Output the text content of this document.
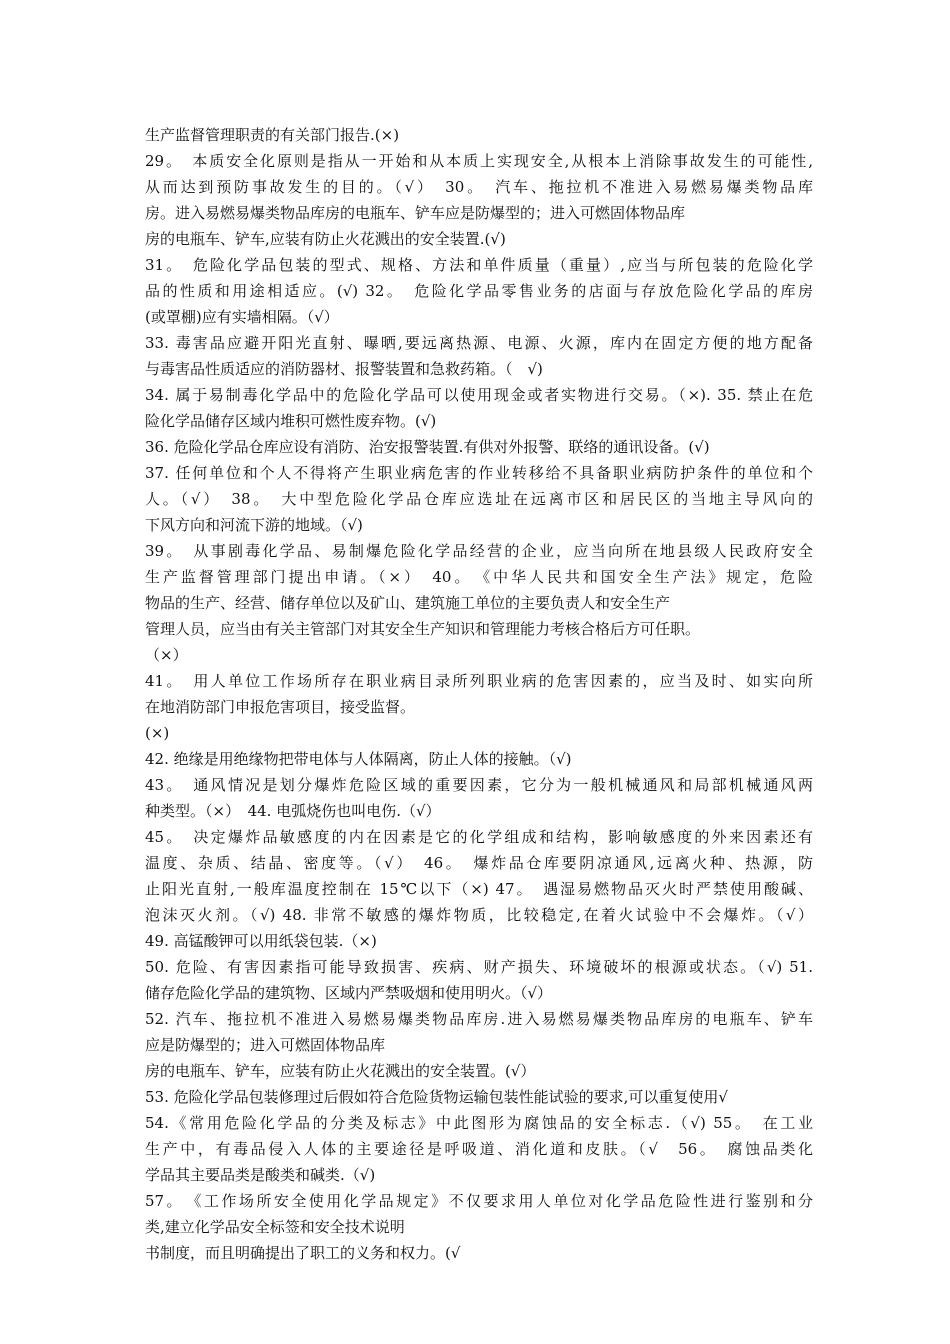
生产监督管理职责的有关部门报告.(×)
29。　本质安全化原则是指从一开始和从本质上实现安全,从根本上消除事故发生的可能性,
从而达到预防事故发生的目的。（√）　30。　汽车、拖拉机不准进入易燃易爆类物品库
房。进入易燃易爆类物品库房的电瓶车、铲车应是防爆型的；进入可燃固体物品库
房的电瓶车、铲车,应装有防止火花溅出的安全装置.(√)
31。　危险化学品包装的型式、规格、方法和单件质量（重量）,应当与所包装的危险化学
品的性质和用途相适应。(√) 32。　危险化学品零售业务的店面与存放危险化学品的库房
(或罩棚)应有实墙相隔。（√）
33. 毒害品应避开阳光直射、曝晒,要远离热源、电源、火源，库内在固定方便的地方配备
与毒害品性质适应的消防器材、报警装置和急救药箱。（　√)
34. 属于易制毒化学品中的危险化学品可以使用现金或者实物进行交易。（×). 35. 禁止在危
险化学品储存区域内堆积可燃性废弃物。(√)
36. 危险化学品仓库应设有消防、治安报警装置.有供对外报警、联络的通讯设备。(√)
37. 任何单位和个人不得将产生职业病危害的作业转移给不具备职业病防护条件的单位和个
人。（√）　38。　大中型危险化学品仓库应选址在远离市区和居民区的当地主导风向的
下风方向和河流下游的地域。（√)
39。　从事剧毒化学品、易制爆危险化学品经营的企业，应当向所在地县级人民政府安全
生产监督管理部门提出申请。（×）　40。　《中华人民共和国安全生产法》规定，危险
物品的生产、经营、储存单位以及矿山、建筑施工单位的主要负责人和安全生产
管理人员，应当由有关主管部门对其安全生产知识和管理能力考核合格后方可任职。
（×）
41。　用人单位工作场所存在职业病目录所列职业病的危害因素的，应当及时、如实向所
在地消防部门申报危害项目，接受监督。
(×)
42. 绝缘是用绝缘物把带电体与人体隔离，防止人体的接触。（√)
43。　通风情况是划分爆炸危险区域的重要因素，它分为一般机械通风和局部机械通风两
种类型。（×）　44. 电弧烧伤也叫电伤.（√）
45。　决定爆炸品敏感度的内在因素是它的化学组成和结构，影响敏感度的外来因素还有
温度、杂质、结晶、密度等。（√）　46。　爆炸品仓库要阴凉通风,远离火种、热源，防
止阳光直射,一般库温度控制在 15℃以下（×) 47。　遇湿易燃物品灭火时严禁使用酸碱、
泡沫灭火剂。（√) 48. 非常不敏感的爆炸物质，比较稳定,在着火试验中不会爆炸。（√）
49. 高锰酸钾可以用纸袋包装.（×)
50. 危险、有害因素指可能导致损害、疾病、财产损失、环境破坏的根源或状态。（√) 51.
储存危险化学品的建筑物、区域内严禁吸烟和使用明火。（√）
52. 汽车、拖拉机不准进入易燃易爆类物品库房.进入易燃易爆类物品库房的电瓶车、铲车
应是防爆型的；进入可燃固体物品库
房的电瓶车、铲车，应装有防止火花溅出的安全装置。(√）
53. 危险化学品包装修理过后假如符合危险货物运输包装性能试验的要求,可以重复使用√
54.《常用危险化学品的分类及标志》中此图形为腐蚀品的安全标志.（√) 55。　在工业
生产中，有毒品侵入人体的主要途径是呼吸道、消化道和皮肤。（√　56。　腐蚀品类化
学品其主要品类是酸类和碱类.（√)
57。　《工作场所安全使用化学品规定》不仅要求用人单位对化学品危险性进行鉴别和分
类,建立化学品安全标签和安全技术说明
书制度，而且明确提出了职工的义务和权力。(√
